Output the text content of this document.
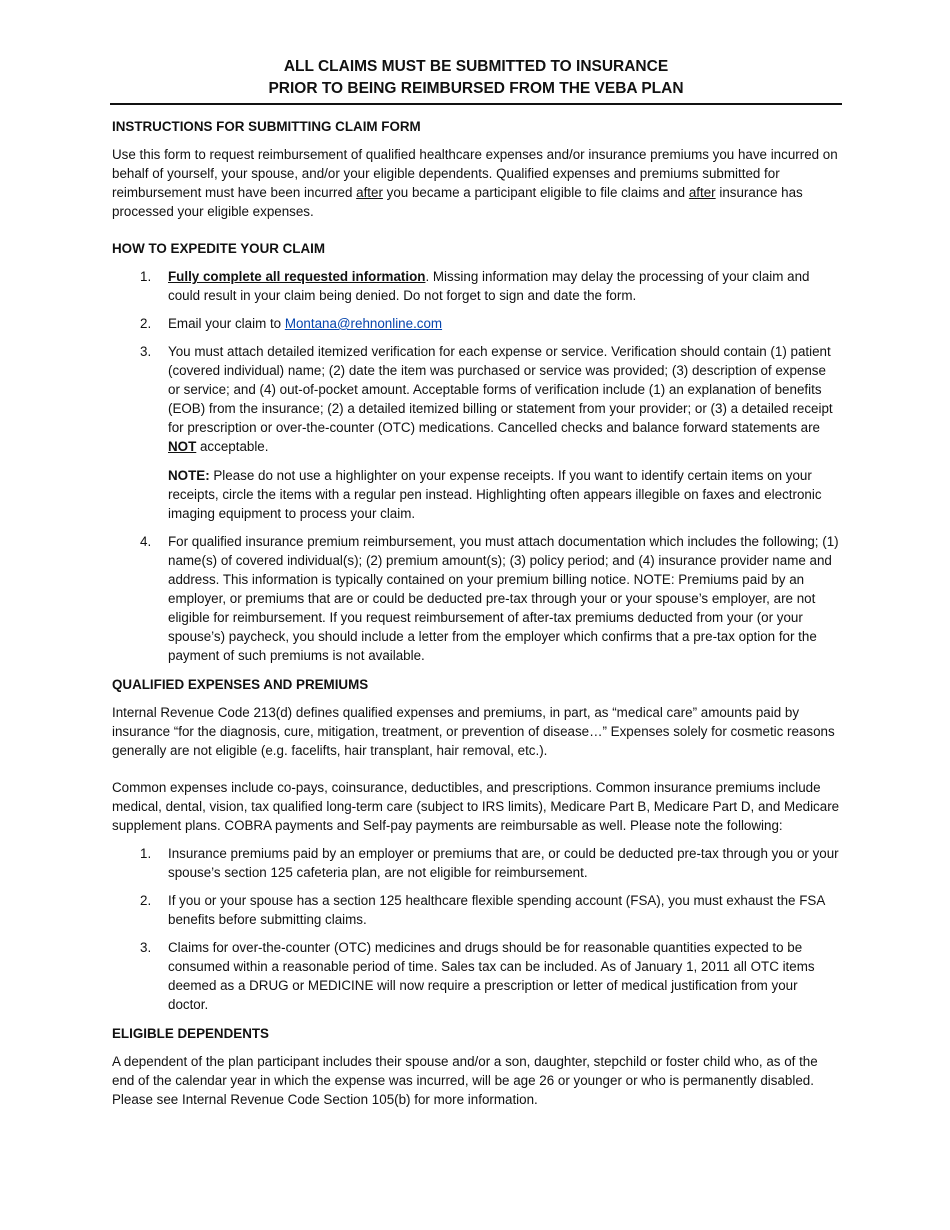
ALL CLAIMS MUST BE SUBMITTED TO INSURANCE
PRIOR TO BEING REIMBURSED FROM THE VEBA PLAN
INSTRUCTIONS FOR SUBMITTING CLAIM FORM

Use this form to request reimbursement of qualified healthcare expenses and/or insurance premiums you have incurred on behalf of yourself, your spouse, and/or your eligible dependents. Qualified expenses and premiums submitted for reimbursement must have been incurred after you became a participant eligible to file claims and after insurance has processed your eligible expenses.

HOW TO EXPEDITE YOUR CLAIM
1.	Fully complete all requested information. Missing information may delay the processing of your claim and could result in your claim being denied. Do not forget to sign and date the form.

2.	Email your claim to Montana@rehnonline.com

3.	You must attach detailed itemized verification for each expense or service. Verification should contain (1) patient (covered individual) name; (2) date the item was purchased or service was provided; (3) description of expense or service; and (4) out-of-pocket amount. Acceptable forms of verification include (1) an explanation of benefits (EOB) from the insurance; (2) a detailed itemized billing or statement from your provider; or (3) a detailed receipt for prescription or over-the-counter (OTC) medications. Cancelled checks and balance forward statements are NOT acceptable.

NOTE: Please do not use a highlighter on your expense receipts. If you want to identify certain items on your receipts, circle the items with a regular pen instead. Highlighting often appears illegible on faxes and electronic imaging equipment to process your claim.

4.	For qualified insurance premium reimbursement, you must attach documentation which includes the following; (1) name(s) of covered individual(s); (2) premium amount(s); (3) policy period; and (4) insurance provider name and address. This information is typically contained on your premium billing notice. NOTE: Premiums paid by an employer, or premiums that are or could be deducted pre-tax through your or your spouse’s employer, are not eligible for reimbursement. If you request reimbursement of after-tax premiums deducted from your (or your spouse’s) paycheck, you should include a letter from the employer which confirms that a pre-tax option for the payment of such premiums is not available.

QUALIFIED EXPENSES AND PREMIUMS

Internal Revenue Code 213(d) defines qualified expenses and premiums, in part, as “medical care” amounts paid by insurance “for the diagnosis, cure, mitigation, treatment, or prevention of disease…” Expenses solely for cosmetic reasons generally are not eligible (e.g. facelifts, hair transplant, hair removal, etc.).

Common expenses include co-pays, coinsurance, deductibles, and prescriptions. Common insurance premiums include medical, dental, vision, tax qualified long-term care (subject to IRS limits), Medicare Part B, Medicare Part D, and Medicare supplement plans. COBRA payments and Self-pay payments are reimbursable as well. Please note the following:

1.	Insurance premiums paid by an employer or premiums that are, or could be deducted pre-tax through you or your spouse’s section 125 cafeteria plan, are not eligible for reimbursement.

2.	If you or your spouse has a section 125 healthcare flexible spending account (FSA), you must exhaust the FSA benefits before submitting claims.

3.	Claims for over-the-counter (OTC) medicines and drugs should be for reasonable quantities expected to be consumed within a reasonable period of time. Sales tax can be included. As of January 1, 2011 all OTC items deemed as a DRUG or MEDICINE will now require a prescription or letter of medical justification from your doctor.

ELIGIBLE DEPENDENTS

A dependent of the plan participant includes their spouse and/or a son, daughter, stepchild or foster child who, as of the end of the calendar year in which the expense was incurred, will be age 26 or younger or who is permanently disabled. Please see Internal Revenue Code Section 105(b) for more information.
